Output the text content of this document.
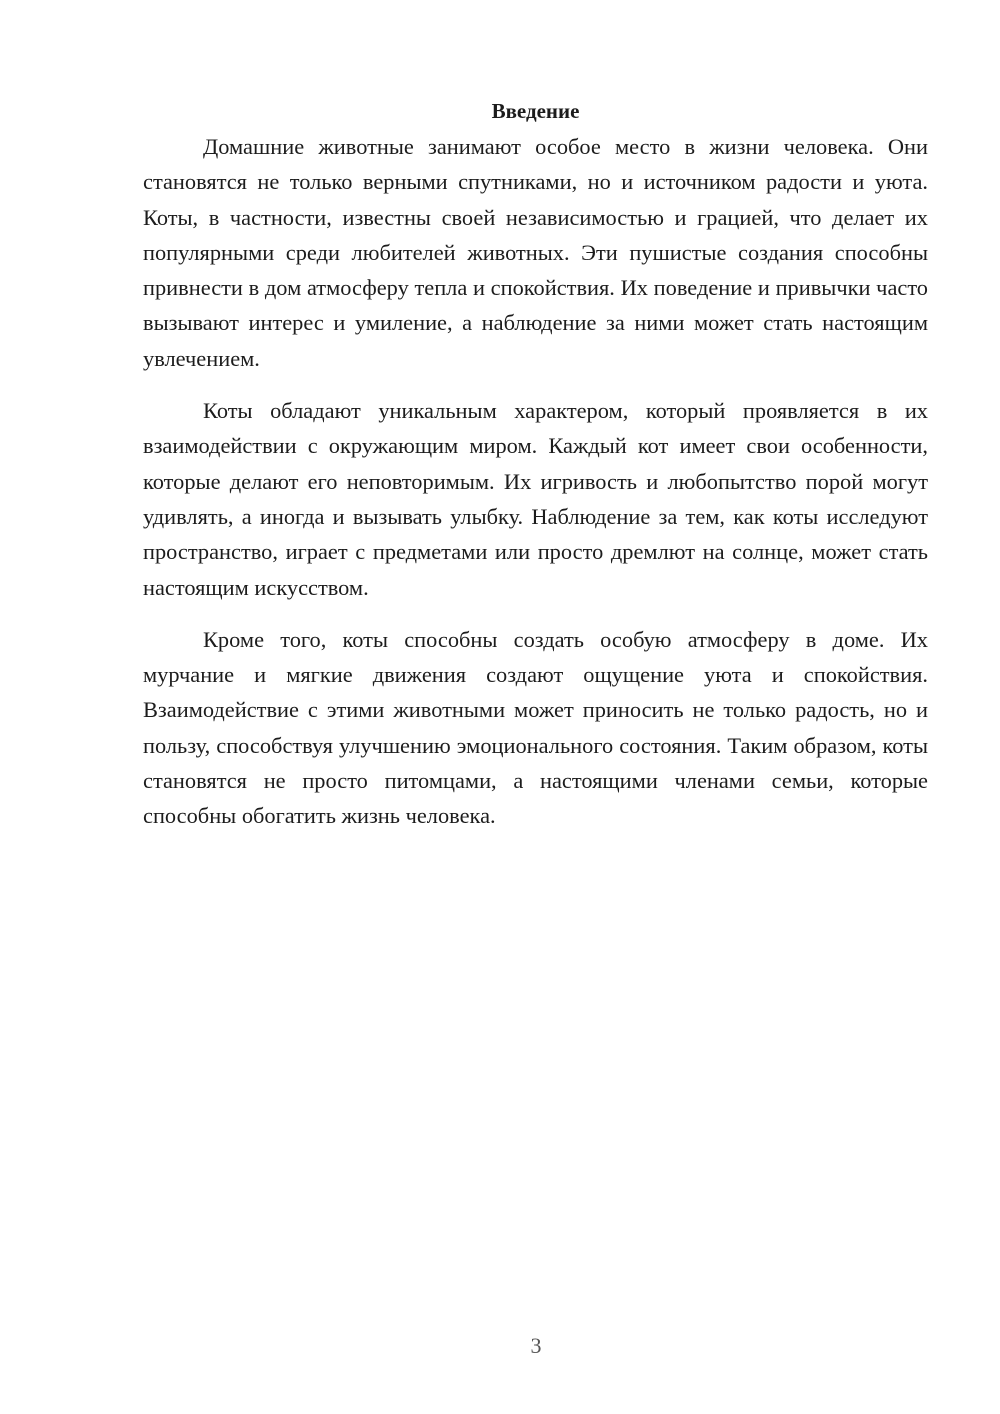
Введение

Домашние животные занимают особое место в жизни человека. Они становятся не только верными спутниками, но и источником радости и уюта. Коты, в частности, известны своей независимостью и грацией, что делает их популярными среди любителей животных. Эти пушистые создания способны привнести в дом атмосферу тепла и спокойствия. Их поведение и привычки часто вызывают интерес и умиление, а наблюдение за ними может стать настоящим увлечением.

Коты обладают уникальным характером, который проявляется в их взаимодействии с окружающим миром. Каждый кот имеет свои особенности, которые делают его неповторимым. Их игривость и любопытство порой могут удивлять, а иногда и вызывать улыбку. Наблюдение за тем, как коты исследуют пространство, играет с предметами или просто дремлют на солнце, может стать настоящим искусством.

Кроме того, коты способны создать особую атмосферу в доме. Их мурчание и мягкие движения создают ощущение уюта и спокойствия. Взаимодействие с этими животными может приносить не только радость, но и пользу, способствуя улучшению эмоционального состояния. Таким образом, коты становятся не просто питомцами, а настоящими членами семьи, которые способны обогатить жизнь человека.

3
